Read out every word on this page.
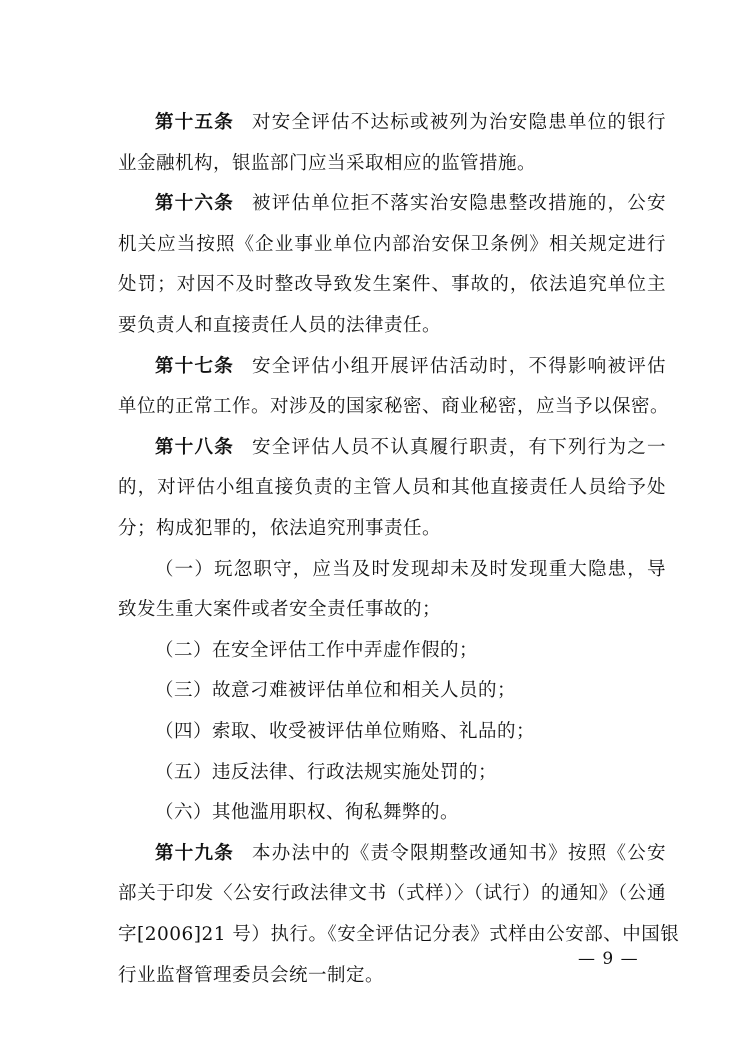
第十五条 对安全评估不达标或被列为治安隐患单位的银行
业金融机构，银监部门应当采取相应的监管措施。
第十六条 被评估单位拒不落实治安隐患整改措施的，公安
机关应当按照《企业事业单位内部治安保卫条例》相关规定进行
处罚；对因不及时整改导致发生案件、事故的，依法追究单位主
要负责人和直接责任人员的法律责任。
第十七条 安全评估小组开展评估活动时，不得影响被评估
单位的正常工作。对涉及的国家秘密、商业秘密，应当予以保密。
第十八条 安全评估人员不认真履行职责，有下列行为之一
的，对评估小组直接负责的主管人员和其他直接责任人员给予处
分；构成犯罪的，依法追究刑事责任。
（一）玩忽职守，应当及时发现却未及时发现重大隐患，导
致发生重大案件或者安全责任事故的；
（二）在安全评估工作中弄虚作假的；
（三）故意刁难被评估单位和相关人员的；
（四）索取、收受被评估单位贿赂、礼品的；
（五）违反法律、行政法规实施处罚的；
（六）其他滥用职权、徇私舞弊的。
第十九条 本办法中的《责令限期整改通知书》按照《公安
部关于印发〈公安行政法律文书（式样）〉（试行）的通知》（公通
字[2006]21 号）执行。《安全评估记分表》式样由公安部、中国银
行业监督管理委员会统一制定。
— 9 —
